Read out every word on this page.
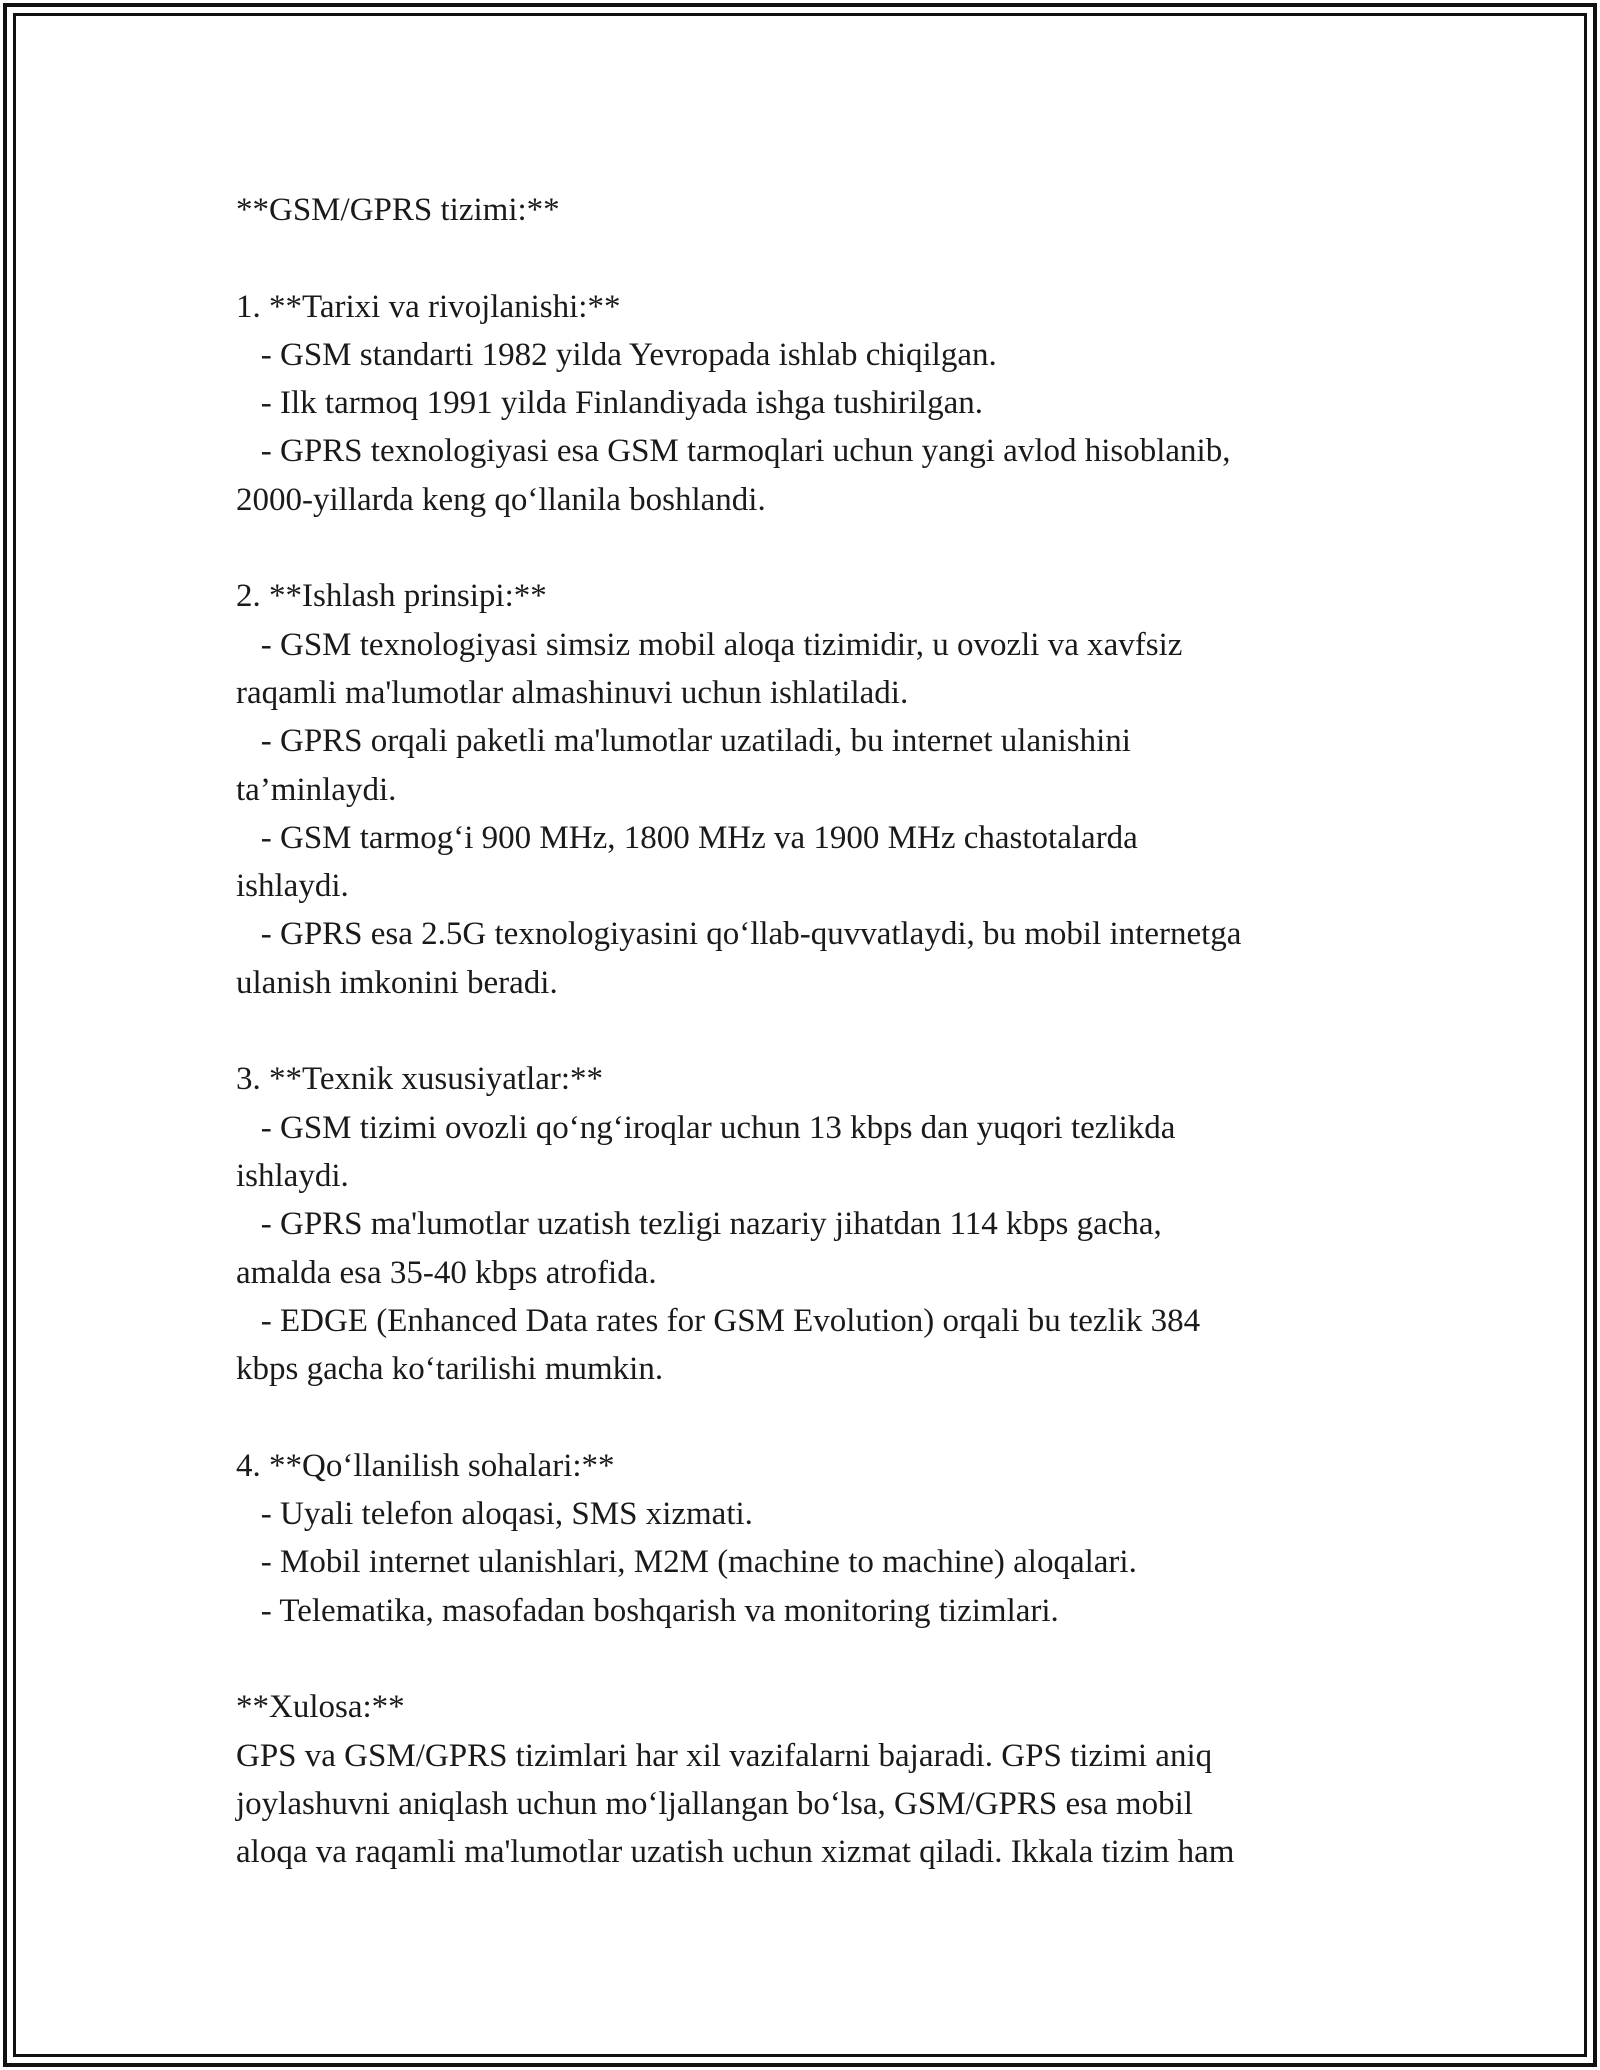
**GSM/GPRS tizimi:**
1. **Tarixi va rivojlanishi:**
- GSM standarti 1982 yilda Yevropada ishlab chiqilgan.
- Ilk tarmoq 1991 yilda Finlandiyada ishga tushirilgan.
- GPRS texnologiyasi esa GSM tarmoqlari uchun yangi avlod hisoblanib,
2000-yillarda keng qo‘llanila boshlandi.
2. **Ishlash prinsipi:**
- GSM texnologiyasi simsiz mobil aloqa tizimidir, u ovozli va xavfsiz
raqamli ma'lumotlar almashinuvi uchun ishlatiladi.
- GPRS orqali paketli ma'lumotlar uzatiladi, bu internet ulanishini
ta’minlaydi.
- GSM tarmog‘i 900 MHz, 1800 MHz va 1900 MHz chastotalarda
ishlaydi.
- GPRS esa 2.5G texnologiyasini qo‘llab-quvvatlaydi, bu mobil internetga
ulanish imkonini beradi.
3. **Texnik xususiyatlar:**
- GSM tizimi ovozli qo‘ng‘iroqlar uchun 13 kbps dan yuqori tezlikda
ishlaydi.
- GPRS ma'lumotlar uzatish tezligi nazariy jihatdan 114 kbps gacha,
amalda esa 35-40 kbps atrofida.
- EDGE (Enhanced Data rates for GSM Evolution) orqali bu tezlik 384
kbps gacha ko‘tarilishi mumkin.
4. **Qo‘llanilish sohalari:**
- Uyali telefon aloqasi, SMS xizmati.
- Mobil internet ulanishlari, M2M (machine to machine) aloqalari.
- Telematika, masofadan boshqarish va monitoring tizimlari.
**Xulosa:**
GPS va GSM/GPRS tizimlari har xil vazifalarni bajaradi. GPS tizimi aniq
joylashuvni aniqlash uchun mo‘ljallangan bo‘lsa, GSM/GPRS esa mobil
aloqa va raqamli ma'lumotlar uzatish uchun xizmat qiladi. Ikkala tizim ham
